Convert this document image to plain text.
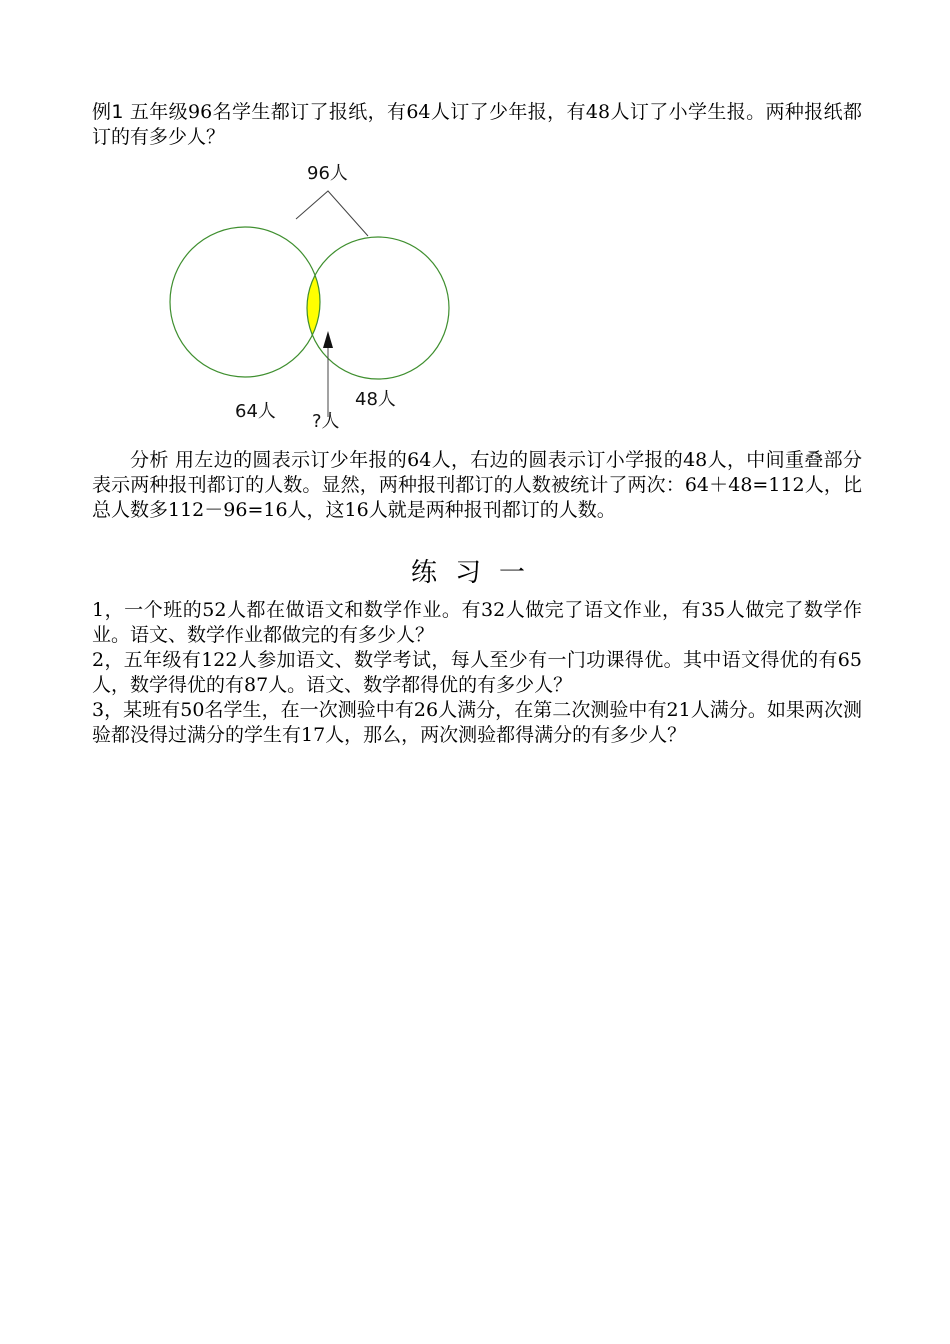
例1 五年级96名学生都订了报纸，有64人订了少年报，有48人订了小学生报。两种报纸都订的有多少人？
96人
64人
48人
?人
分析 用左边的圆表示订少年报的64人，右边的圆表示订小学报的48人，中间重叠部分表示两种报刊都订的人数。显然，两种报刊都订的人数被统计了两次：64＋48=112人，比总人数多112－96=16人，这16人就是两种报刊都订的人数。
练习一

1，一个班的52人都在做语文和数学作业。有32人做完了语文作业，有35人做完了数学作业。语文、数学作业都做完的有多少人？

2，五年级有122人参加语文、数学考试，每人至少有一门功课得优。其中语文得优的有65人，数学得优的有87人。语文、数学都得优的有多少人？

3，某班有50名学生，在一次测验中有26人满分，在第二次测验中有21人满分。如果两次测验都没得过满分的学生有17人，那么，两次测验都得满分的有多少人？
